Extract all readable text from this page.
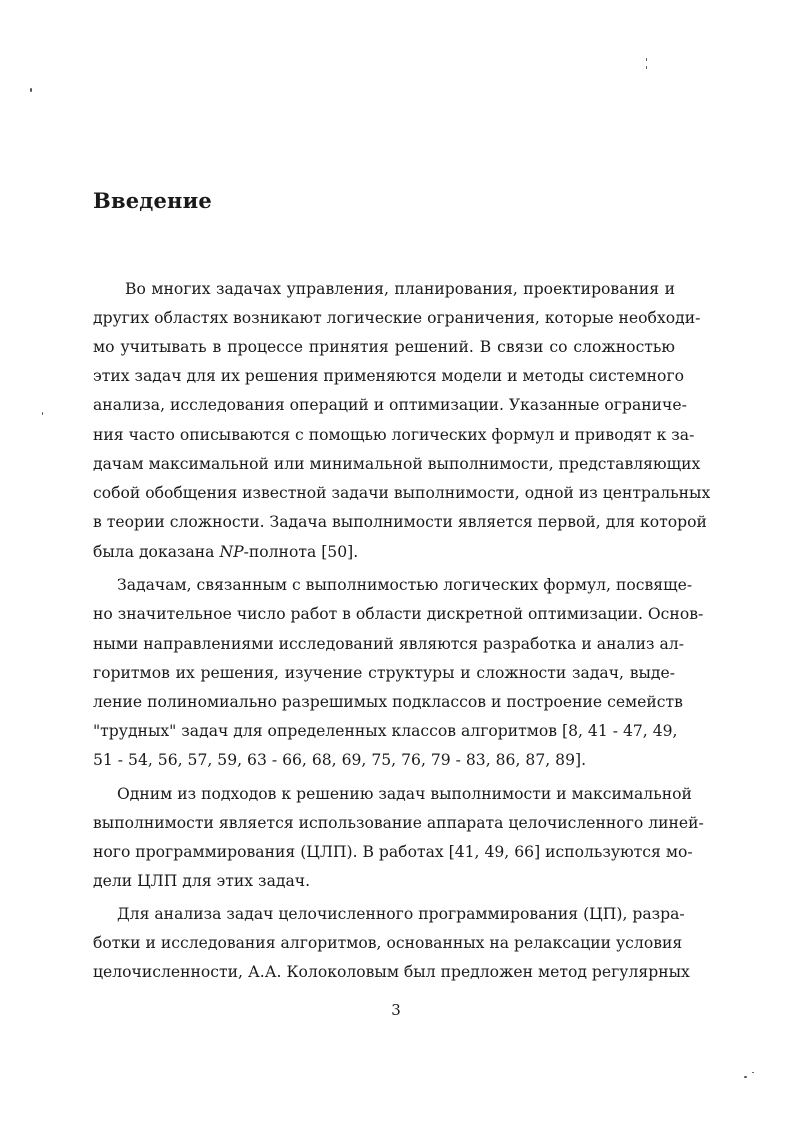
Введение
Во многих задачах управления, планирования, проектирования и
других областях возникают логические ограничения, которые необходи-
мо учитывать в процессе принятия решений. В связи со сложностью
этих задач для их решения применяются модели и методы системного
анализа, исследования операций и оптимизации. Указанные ограниче-
ния часто описываются с помощью логических формул и приводят к за-
дачам максимальной или минимальной выполнимости, представляющих
собой обобщения известной задачи выполнимости, одной из центральных
в теории сложности. Задача выполнимости является первой, для которой
была доказана NP-полнота [50].
Задачам, связанным с выполнимостью логических формул, посвяще-
но значительное число работ в области дискретной оптимизации. Основ-
ными направлениями исследований являются разработка и анализ ал-
горитмов их решения, изучение структуры и сложности задач, выде-
ление полиномиально разрешимых подклассов и построение семейств
"трудных" задач для определенных классов алгоритмов [8, 41 - 47, 49,
51 - 54, 56, 57, 59, 63 - 66, 68, 69, 75, 76, 79 - 83, 86, 87, 89].
Одним из подходов к решению задач выполнимости и максимальной
выполнимости является использование аппарата целочисленного линей-
ного программирования (ЦЛП). В работах [41, 49, 66] используются мо-
дели ЦЛП для этих задач.
Для анализа задач целочисленного программирования (ЦП), разра-
ботки и исследования алгоритмов, основанных на релаксации условия
целочисленности, А.А. Колоколовым был предложен метод регулярных
3
